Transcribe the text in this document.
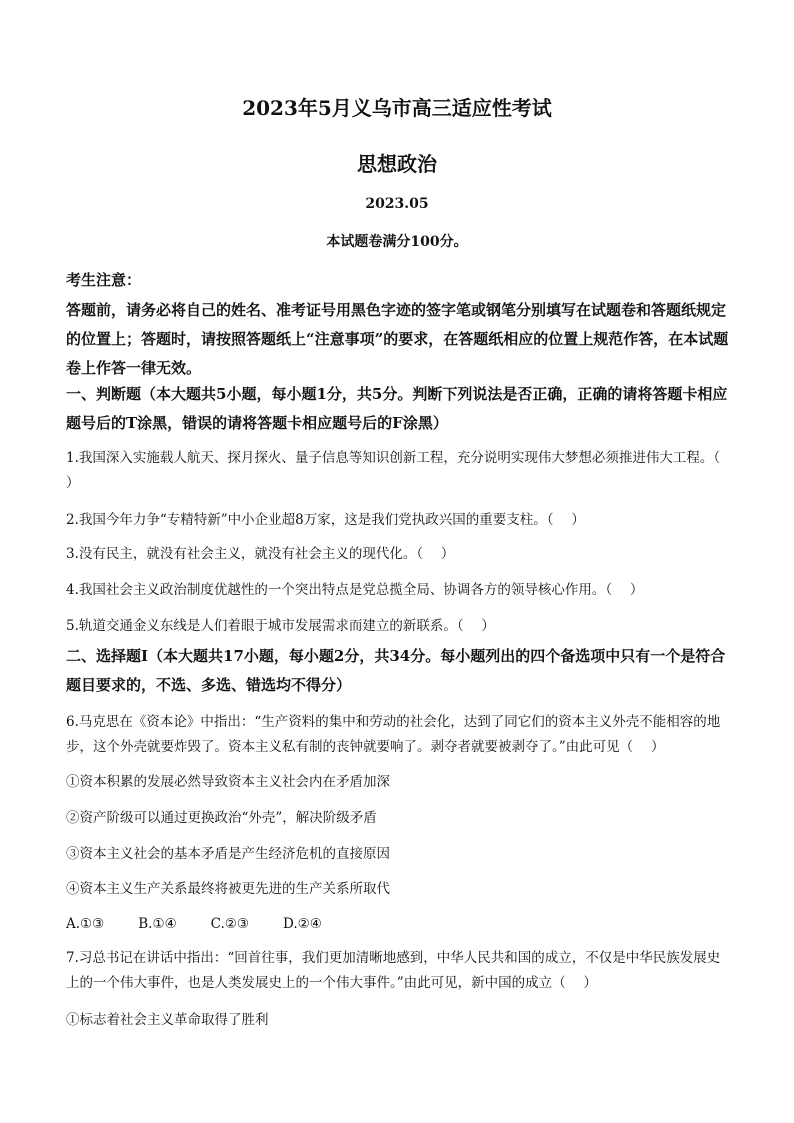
2023年5月义乌市高三适应性考试
思想政治
2023.05
本试题卷满分100分。
考生注意：
答题前，请务必将自己的姓名、准考证号用黑色字迹的签字笔或钢笔分别填写在试题卷和答题纸规定的位置上；答题时，请按照答题纸上“注意事项”的要求，在答题纸相应的位置上规范作答，在本试题卷上作答一律无效。
一、判断题（本大题共5小题，每小题1分，共5分。判断下列说法是否正确，正确的请将答题卡相应题号后的T涂黑，错误的请将答题卡相应题号后的F涂黑）
1.我国深入实施载人航天、探月探火、量子信息等知识创新工程，充分说明实现伟大梦想必须推进伟大工程。（　 ）
2.我国今年力争“专精特新”中小企业超8万家，这是我们党执政兴国的重要支柱。（　 ）
3.没有民主，就没有社会主义，就没有社会主义的现代化。（　 ）
4.我国社会主义政治制度优越性的一个突出特点是党总揽全局、协调各方的领导核心作用。（　 ）
5.轨道交通金义东线是人们着眼于城市发展需求而建立的新联系。（　 ）
二、选择题Ⅰ（本大题共17小题，每小题2分，共34分。每小题列出的四个备选项中只有一个是符合题目要求的，不选、多选、错选均不得分）
6.马克思在《资本论》中指出：“生产资料的集中和劳动的社会化，达到了同它们的资本主义外壳不能相容的地步，这个外壳就要炸毁了。资本主义私有制的丧钟就要响了。剥夺者就要被剥夺了。”由此可见（　 ）
①资本积累的发展必然导致资本主义社会内在矛盾加深
②资产阶级可以通过更换政治“外壳”，解决阶级矛盾
③资本主义社会的基本矛盾是产生经济危机的直接原因
④资本主义生产关系最终将被更先进的生产关系所取代
A.①③	B.①④	C.②③	D.②④
7.习总书记在讲话中指出：“回首往事，我们更加清晰地感到，中华人民共和国的成立，不仅是中华民族发展史上的一个伟大事件，也是人类发展史上的一个伟大事件。”由此可见，新中国的成立（　 ）
①标志着社会主义革命取得了胜利
